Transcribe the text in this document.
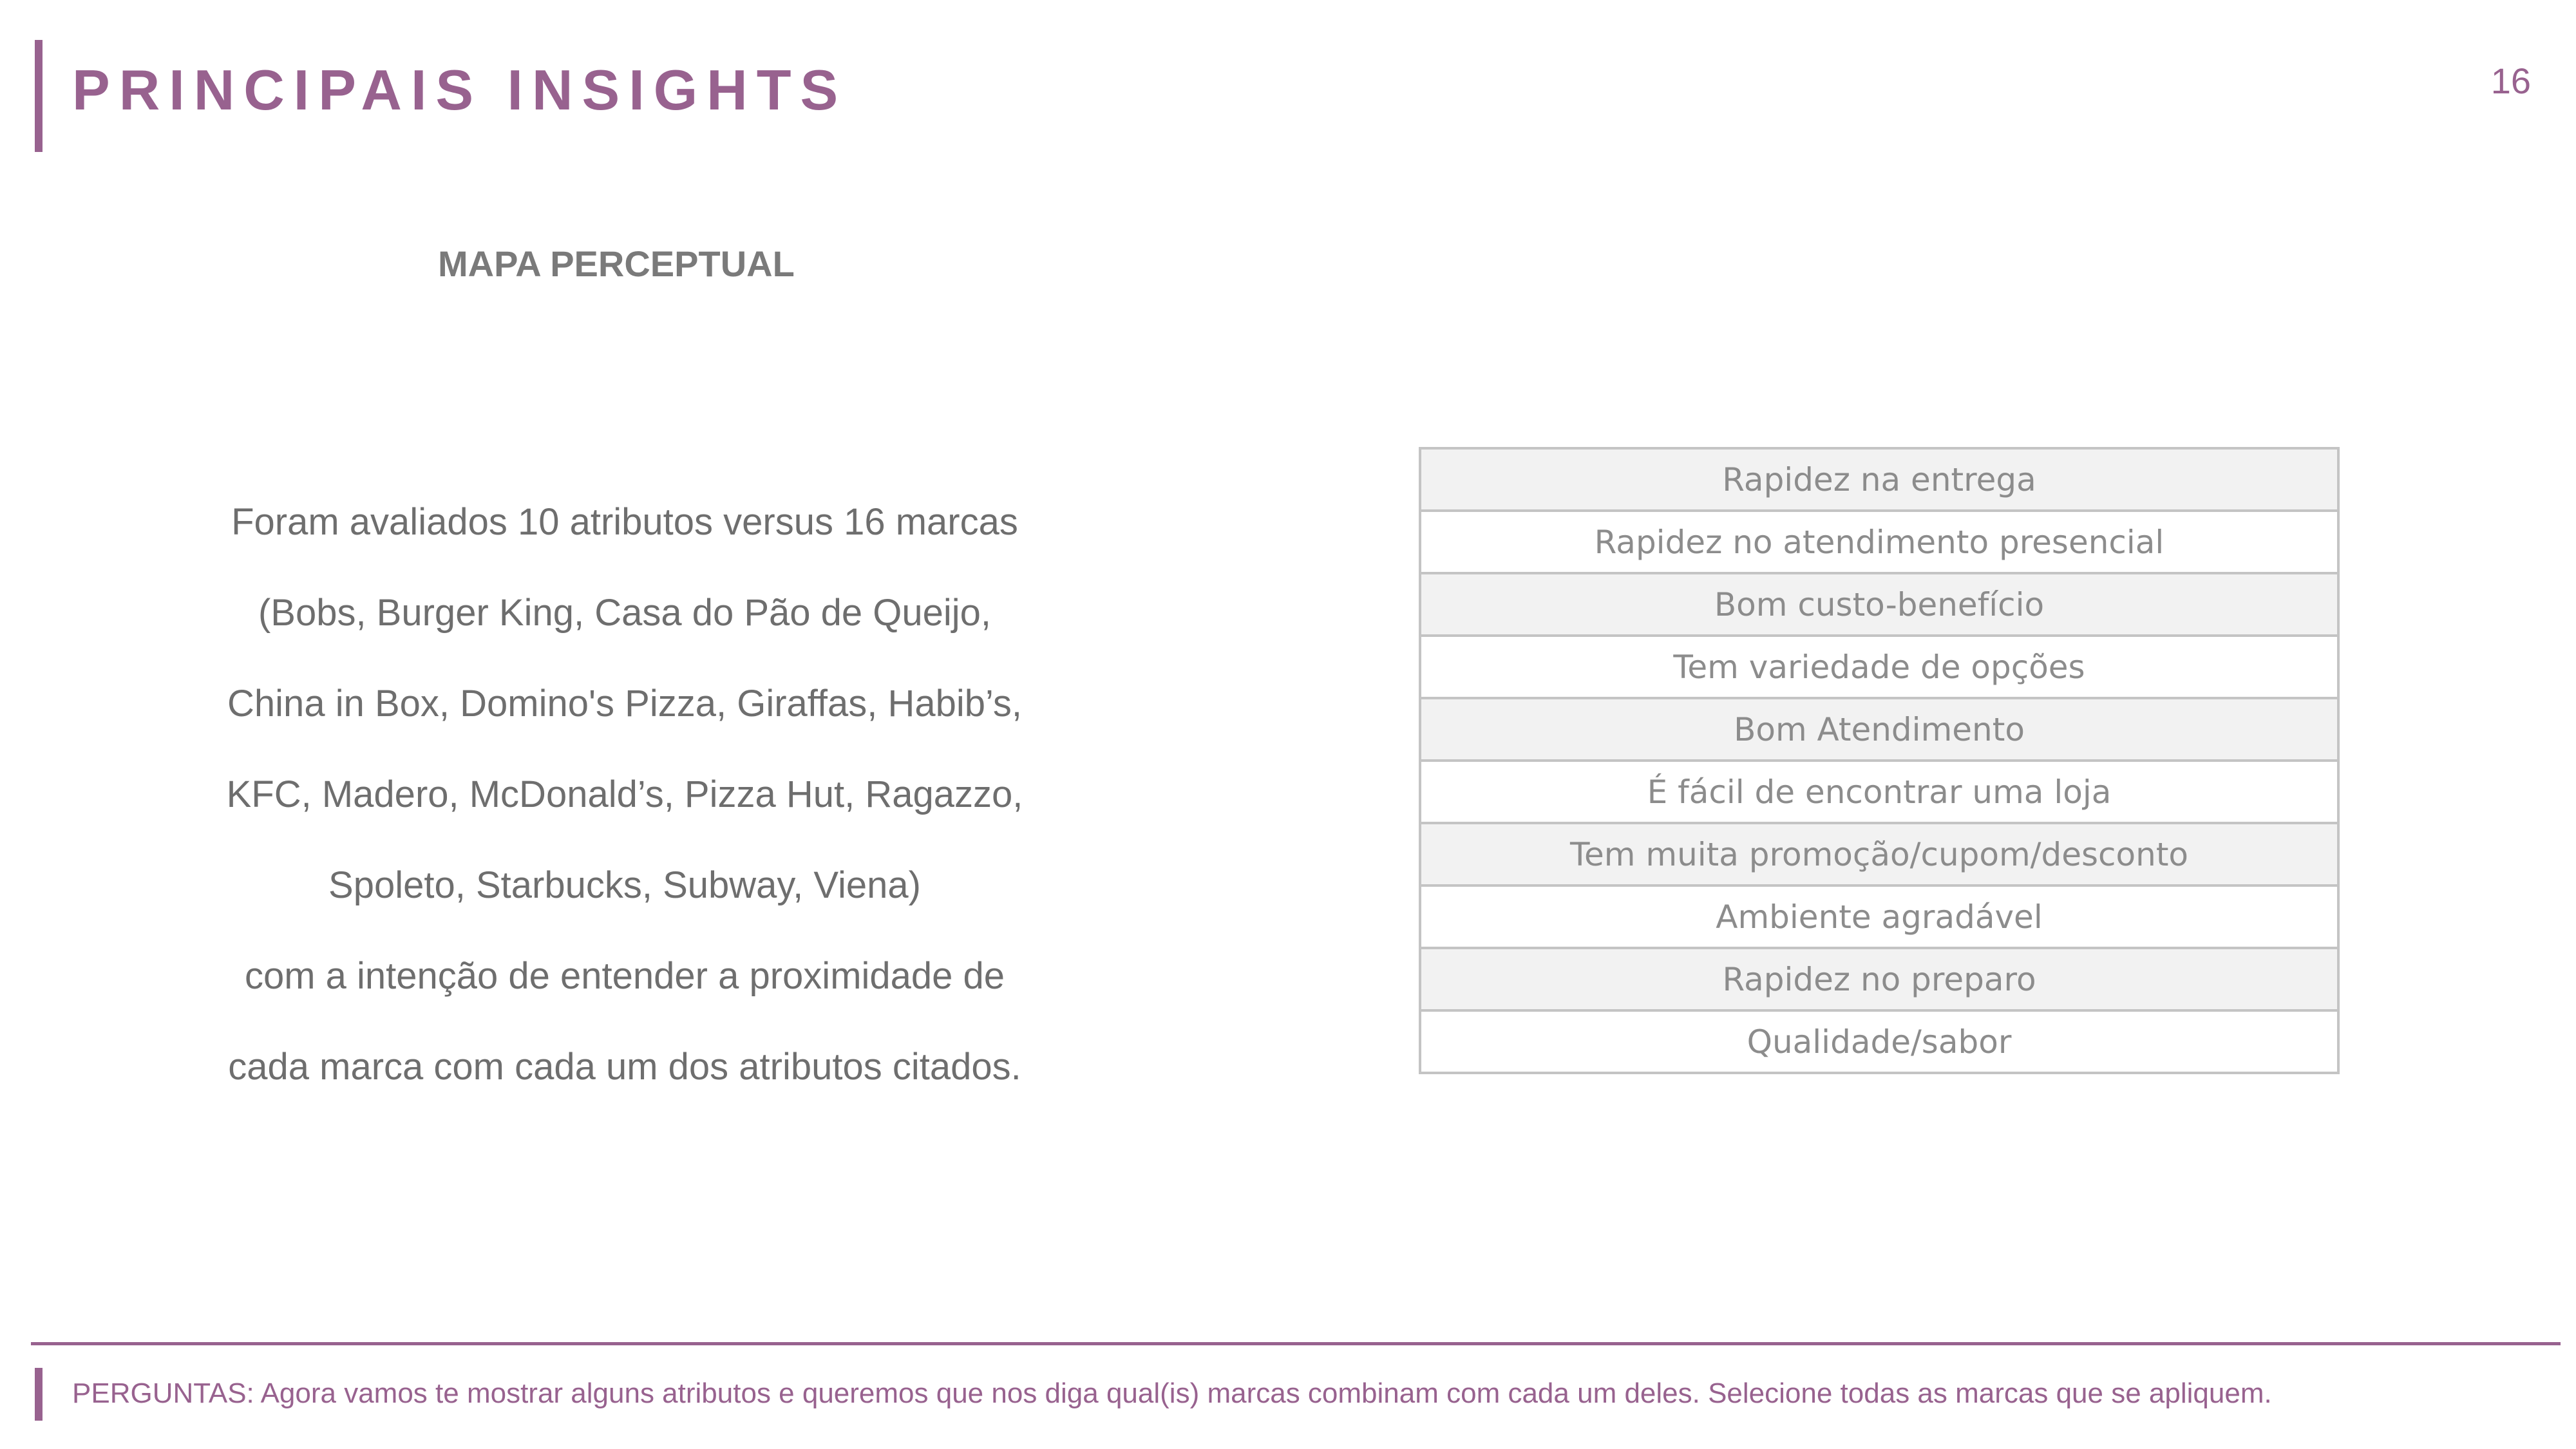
PRINCIPAIS INSIGHTS	16
MAPA PERCEPTUAL

Foram avaliados 10 atributos versus 16 marcas

(Bobs, Burger King, Casa do Pão de Queijo,

China in Box, Domino's Pizza, Giraffas, Habib’s,

KFC, Madero, McDonald’s, Pizza Hut, Ragazzo,

Spoleto, Starbucks, Subway, Viena)

com a intenção de entender a proximidade de

cada marca com cada um dos atributos citados.

Rapidez na entrega
Rapidez no atendimento presencial
Bom custo-benefício
Tem variedade de opções
Bom Atendimento
É fácil de encontrar uma loja
Tem muita promoção/cupom/desconto
Ambiente agradável
Rapidez no preparo
Qualidade/sabor
PERGUNTAS: Agora vamos te mostrar alguns atributos e queremos que nos diga qual(is) marcas combinam com cada um deles. Selecione todas as marcas que se apliquem.
